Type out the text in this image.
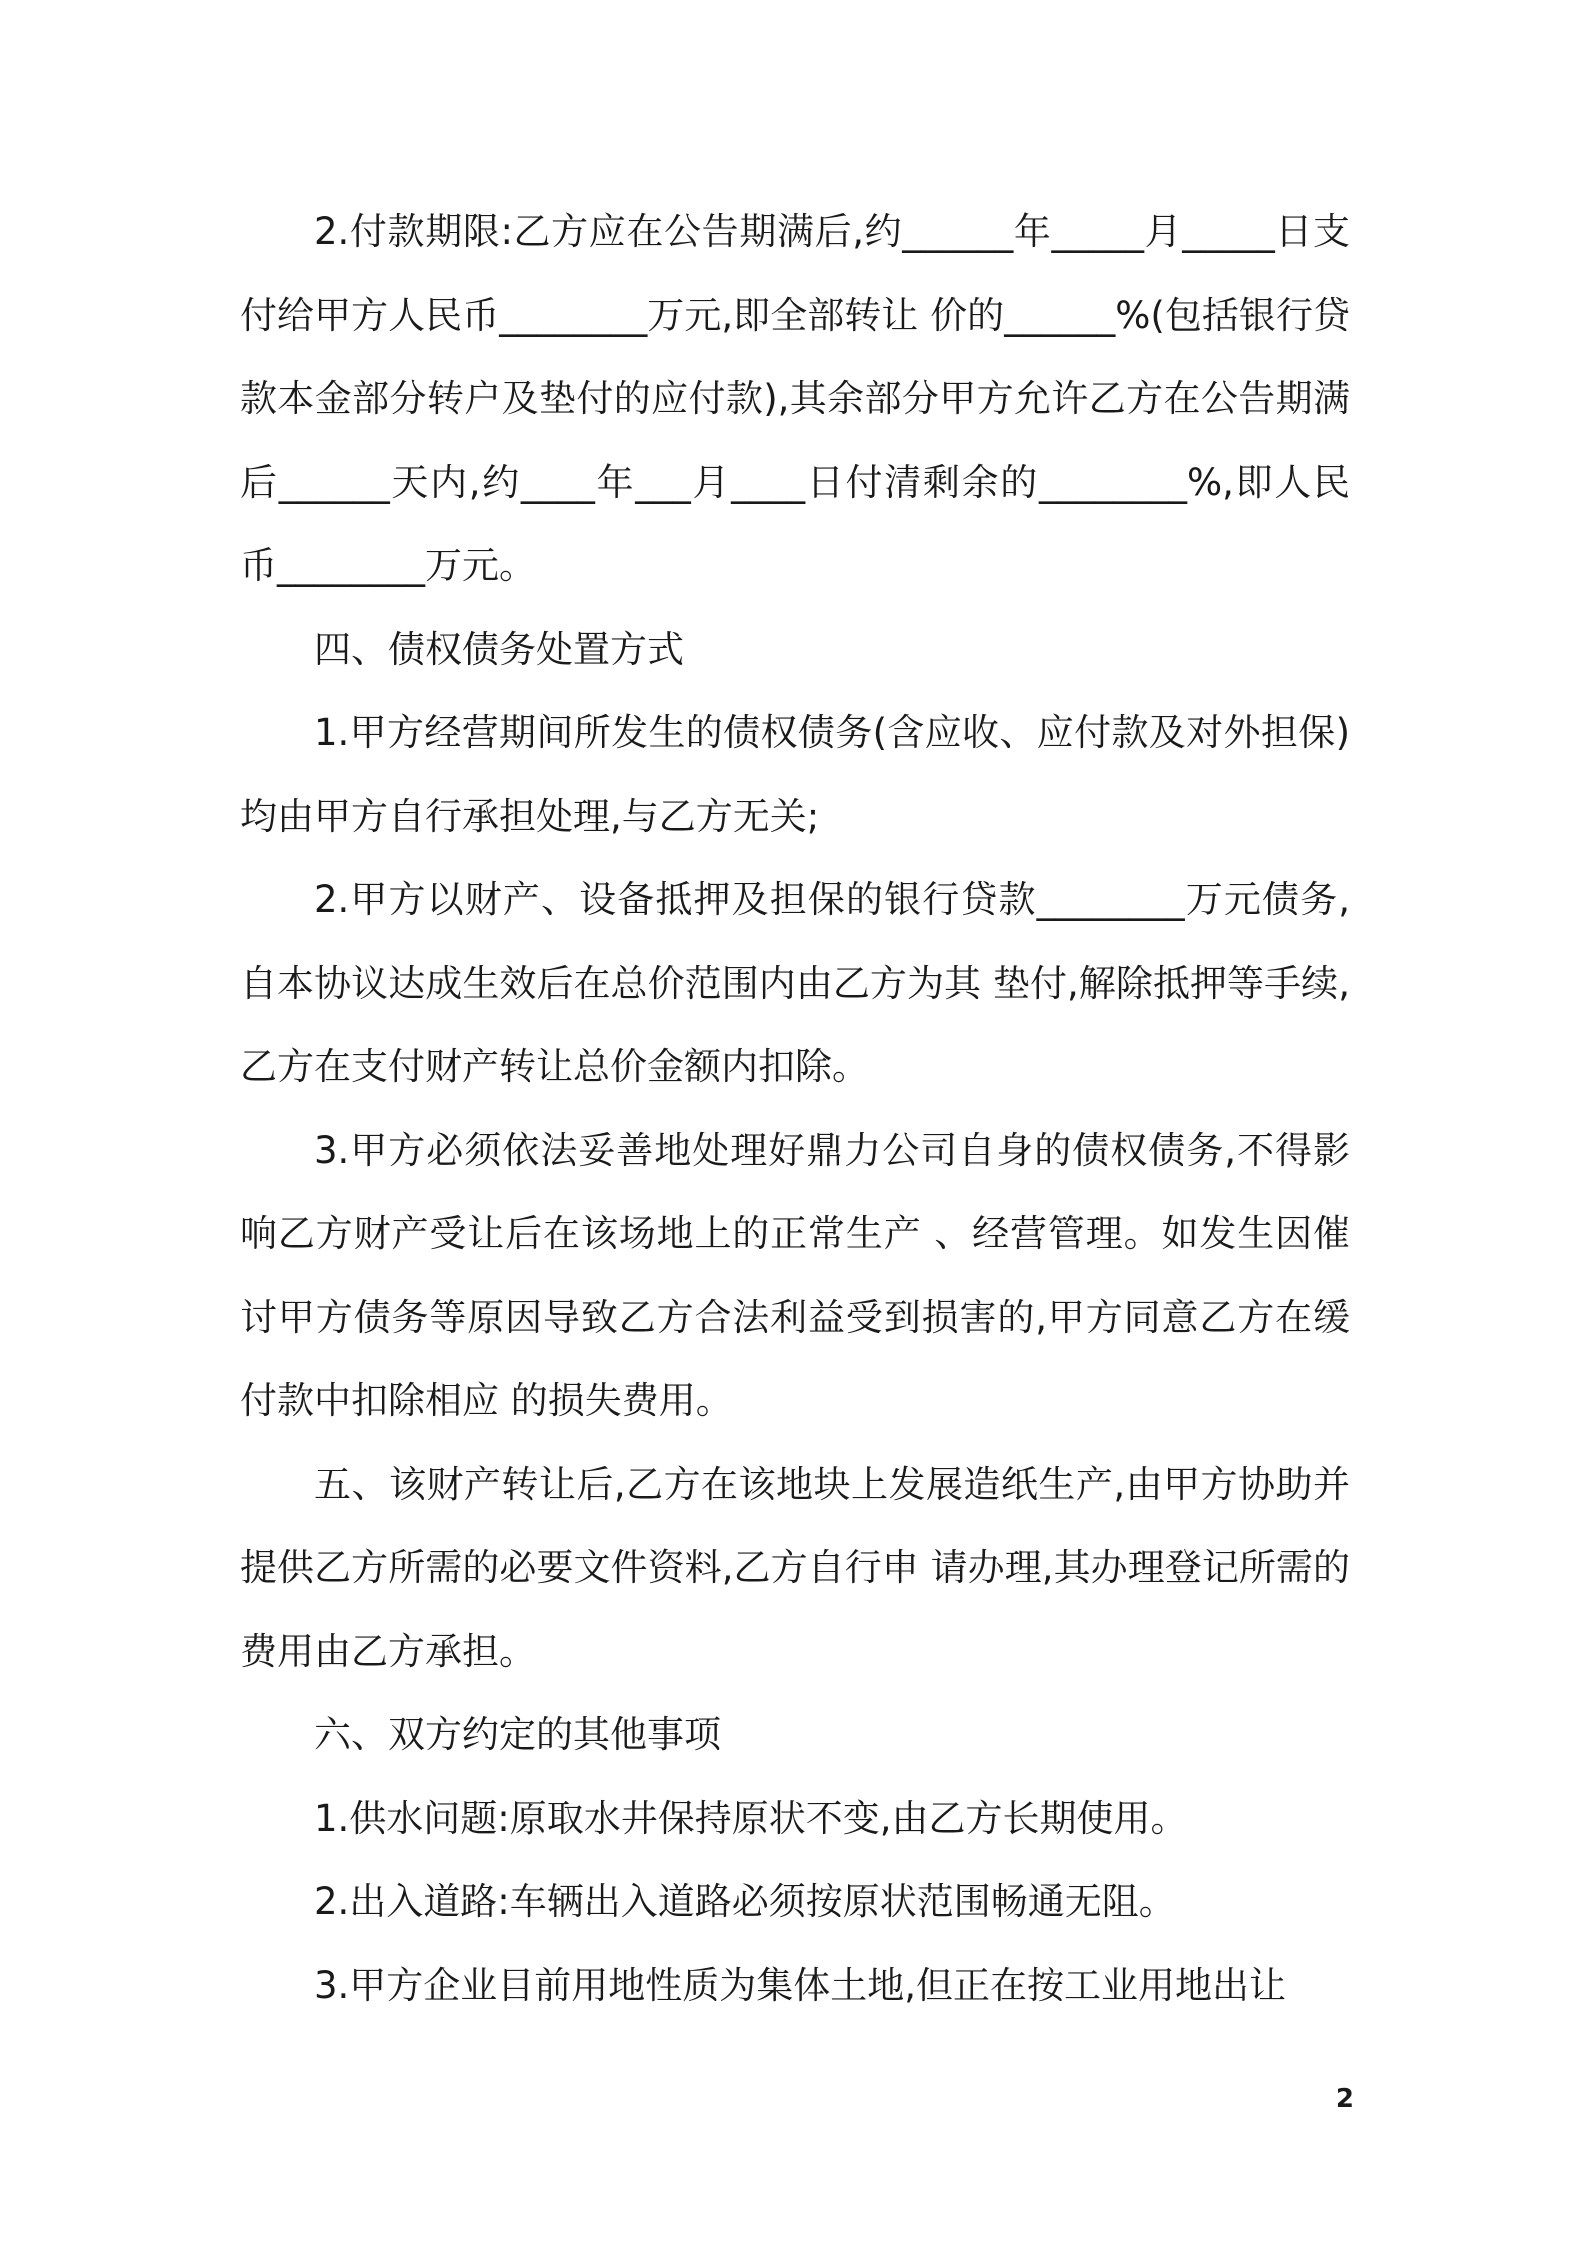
2.付款期限:乙方应在公告期满后,约______年_____月_____日支付给甲方人民币________万元,即全部转让 价的______%(包括银行贷款本金部分转户及垫付的应付款),其余部分甲方允许乙方在公告期满后______天内,约____年___月____日付清剩余的________%,即人民币________万元。

四、债权债务处置方式

1.甲方经营期间所发生的债权债务(含应收、应付款及对外担保)均由甲方自行承担处理,与乙方无关;

2.甲方以财产、设备抵押及担保的银行贷款________万元债务,自本协议达成生效后在总价范围内由乙方为其 垫付,解除抵押等手续,乙方在支付财产转让总价金额内扣除。

3.甲方必须依法妥善地处理好鼎力公司自身的债权债务,不得影响乙方财产受让后在该场地上的正常生产 、经营管理。如发生因催讨甲方债务等原因导致乙方合法利益受到损害的,甲方同意乙方在缓付款中扣除相应 的损失费用。

五、该财产转让后,乙方在该地块上发展造纸生产,由甲方协助并提供乙方所需的必要文件资料,乙方自行申 请办理,其办理登记所需的费用由乙方承担。

六、双方约定的其他事项

1.供水问题:原取水井保持原状不变,由乙方长期使用。

2.出入道路:车辆出入道路必须按原状范围畅通无阻。

3.甲方企业目前用地性质为集体土地,但正在按工业用地出让

2
